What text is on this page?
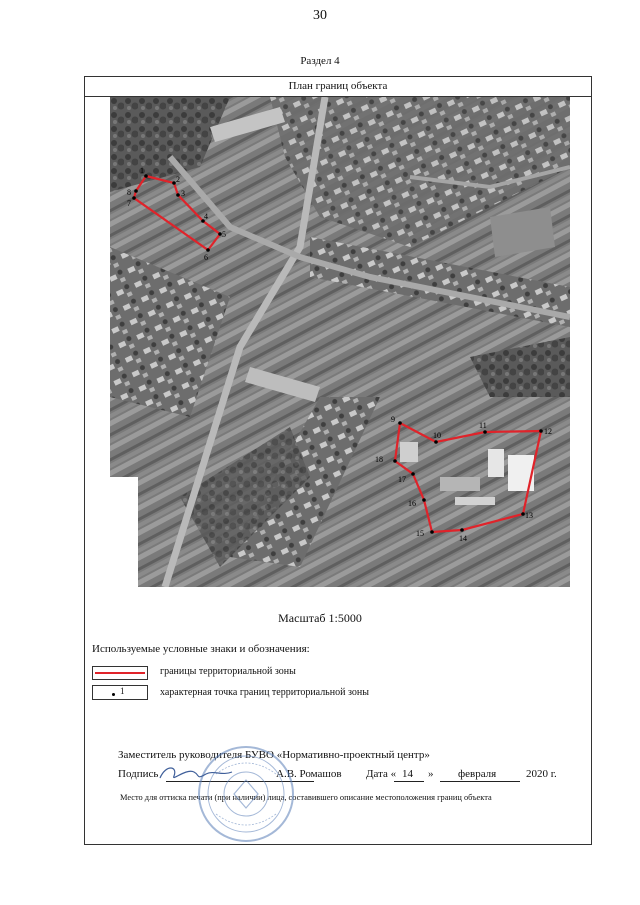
30
Раздел 4
План границ объекта
1
2
3
4
5
6
7
8
9
10
11
12
13
14
15
16
17
18
Масштаб 1:5000
Используемые условные знаки и обозначения:
границы территориальной зоны
1	характерная точка границ территориальной зоны
Заместитель руководителя БУВО «Нормативно-проектный центр»
Подпись	А.В. Ромашов Дата « 14 » февраля	2020 г.
Место для оттиска печати (при наличии) лица, составившего описание местоположения границ объекта
